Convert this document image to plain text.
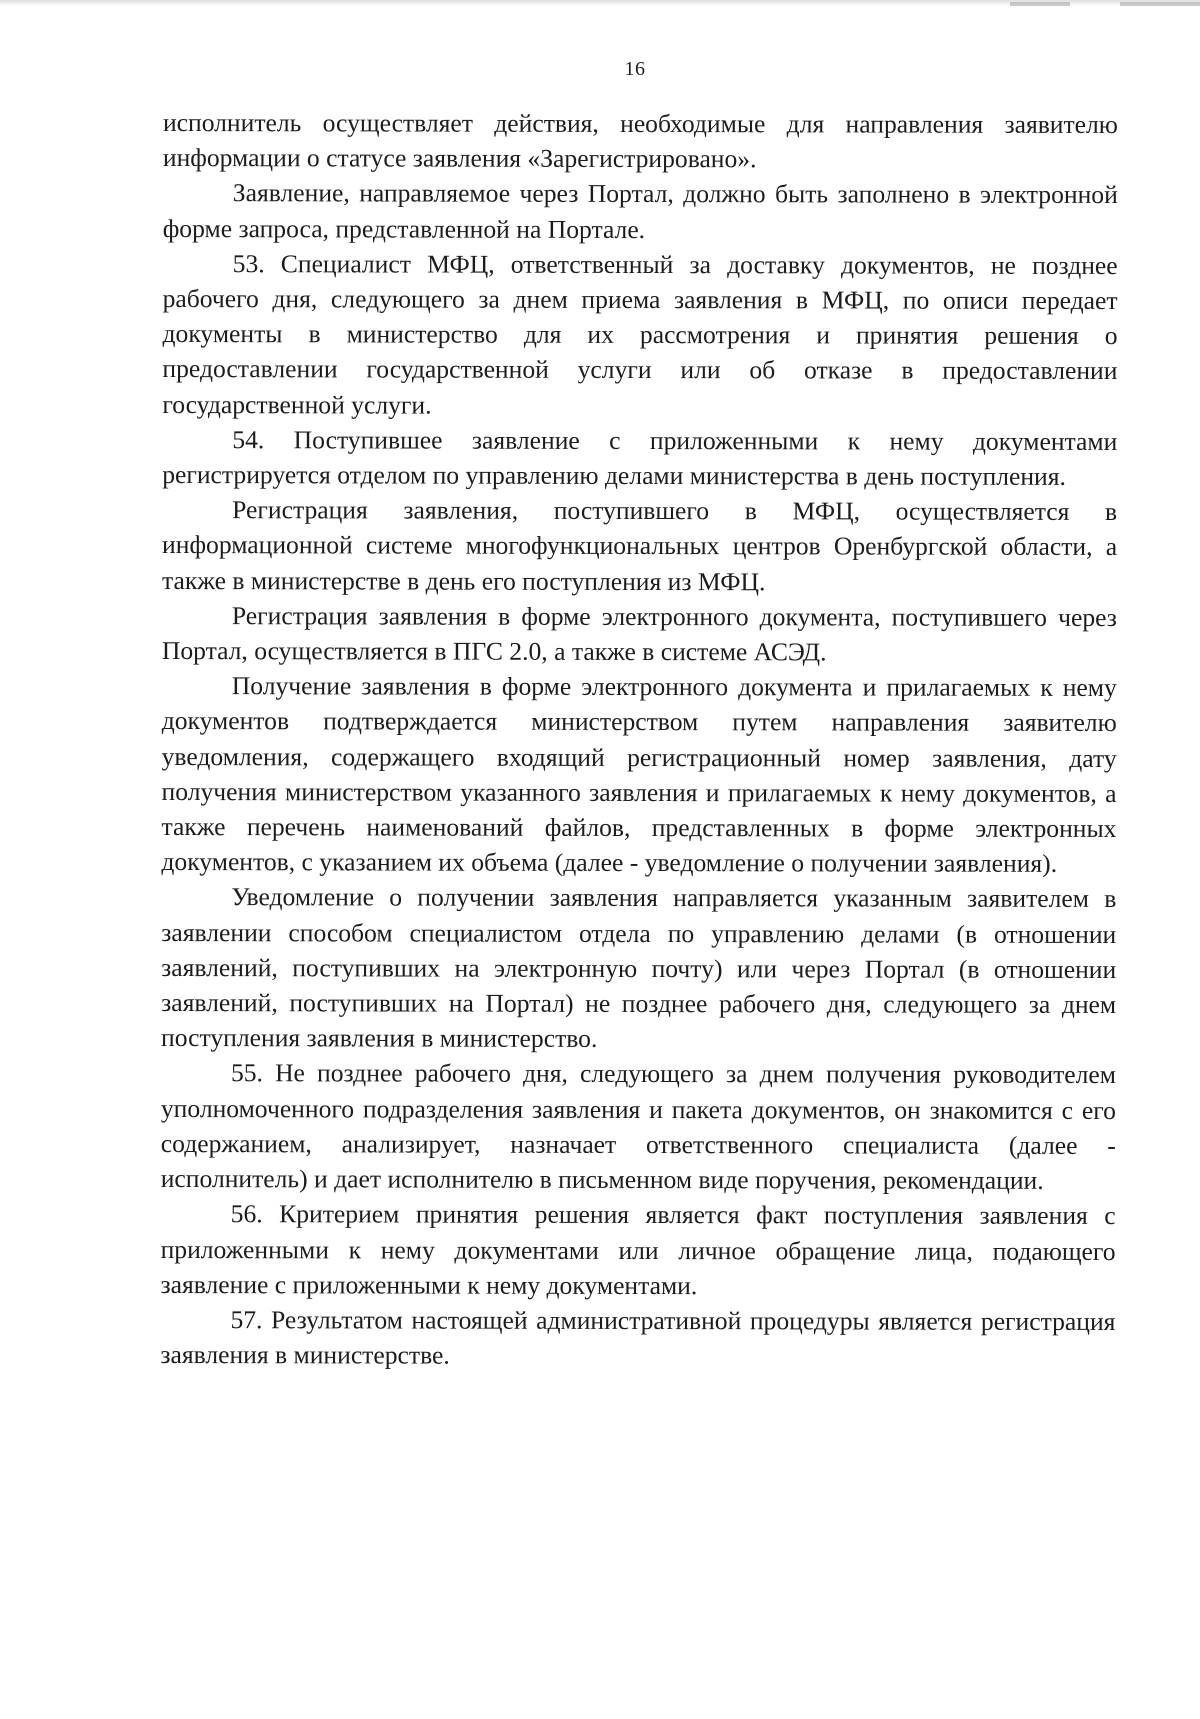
16

исполнитель осуществляет действия, необходимые для направления заявителю информации о статусе заявления «Зарегистрировано».

Заявление, направляемое через Портал, должно быть заполнено в электронной форме запроса, представленной на Портале.

53. Специалист МФЦ, ответственный за доставку документов, не позднее рабочего дня, следующего за днем приема заявления в МФЦ, по описи передает документы в министерство для их рассмотрения и принятия решения о предоставлении государственной услуги или об отказе в предоставлении государственной услуги.

54. Поступившее заявление с приложенными к нему документами регистрируется отделом по управлению делами министерства в день поступления.

Регистрация заявления, поступившего в МФЦ, осуществляется в информационной системе многофункциональных центров Оренбургской области, а также в министерстве в день его поступления из МФЦ.

Регистрация заявления в форме электронного документа, поступившего через Портал, осуществляется в ПГС 2.0, а также в системе АСЭД.

Получение заявления в форме электронного документа и прилагаемых к нему документов подтверждается министерством путем направления заявителю уведомления, содержащего входящий регистрационный номер заявления, дату получения министерством указанного заявления и прилагаемых к нему документов, а также перечень наименований файлов, представленных в форме электронных документов, с указанием их объема (далее - уведомление о получении заявления).

Уведомление о получении заявления направляется указанным заявителем в заявлении способом специалистом отдела по управлению делами (в отношении заявлений, поступивших на электронную почту) или через Портал (в отношении заявлений, поступивших на Портал) не позднее рабочего дня, следующего за днем поступления заявления в министерство.

55. Не позднее рабочего дня, следующего за днем получения руководителем уполномоченного подразделения заявления и пакета документов, он знакомится с его содержанием, анализирует, назначает ответственного специалиста (далее - исполнитель) и дает исполнителю в письменном виде поручения, рекомендации.

56. Критерием принятия решения является факт поступления заявления с приложенными к нему документами или личное обращение лица, подающего заявление с приложенными к нему документами.

57. Результатом настоящей административной процедуры является регистрация заявления в министерстве.
